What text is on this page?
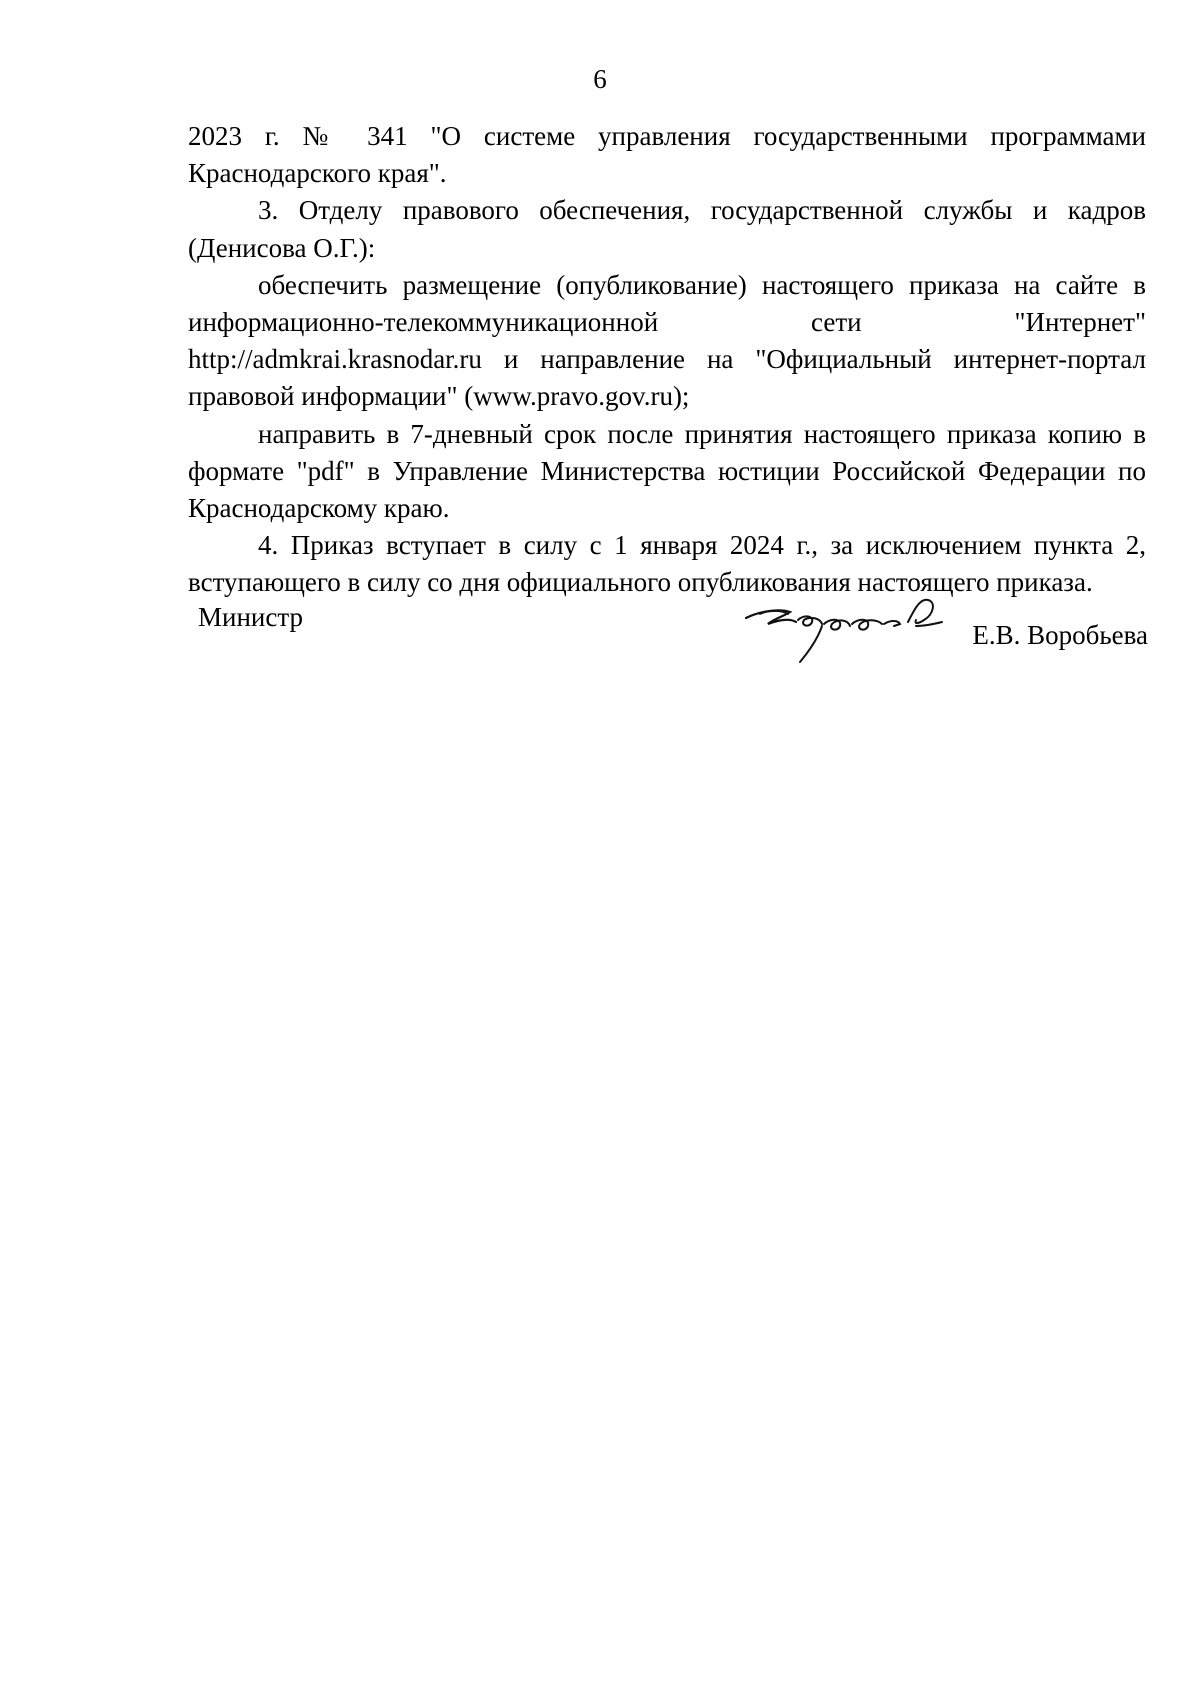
6

2023 г. № 341 "О системе управления государственными программами Краснодарского края".

3. Отделу правового обеспечения, государственной службы и кадров (Денисова О.Г.):

обеспечить размещение (опубликование) настоящего приказа на сайте в

информационно-телекоммуникационной сети "Интернет"

http://admkrai.krasnodar.ru и направление на "Официальный интернет-портал правовой информации" (www.pravo.gov.ru);

направить в 7-дневный срок после принятия настоящего приказа копию в формате "pdf" в Управление Министерства юстиции Российской Федерации по Краснодарскому краю.

4. Приказ вступает в силу с 1 января 2024 г., за исключением пункта 2, вступающего в силу со дня официального опубликования настоящего приказа.

Министр
Е.В. Воробьева
